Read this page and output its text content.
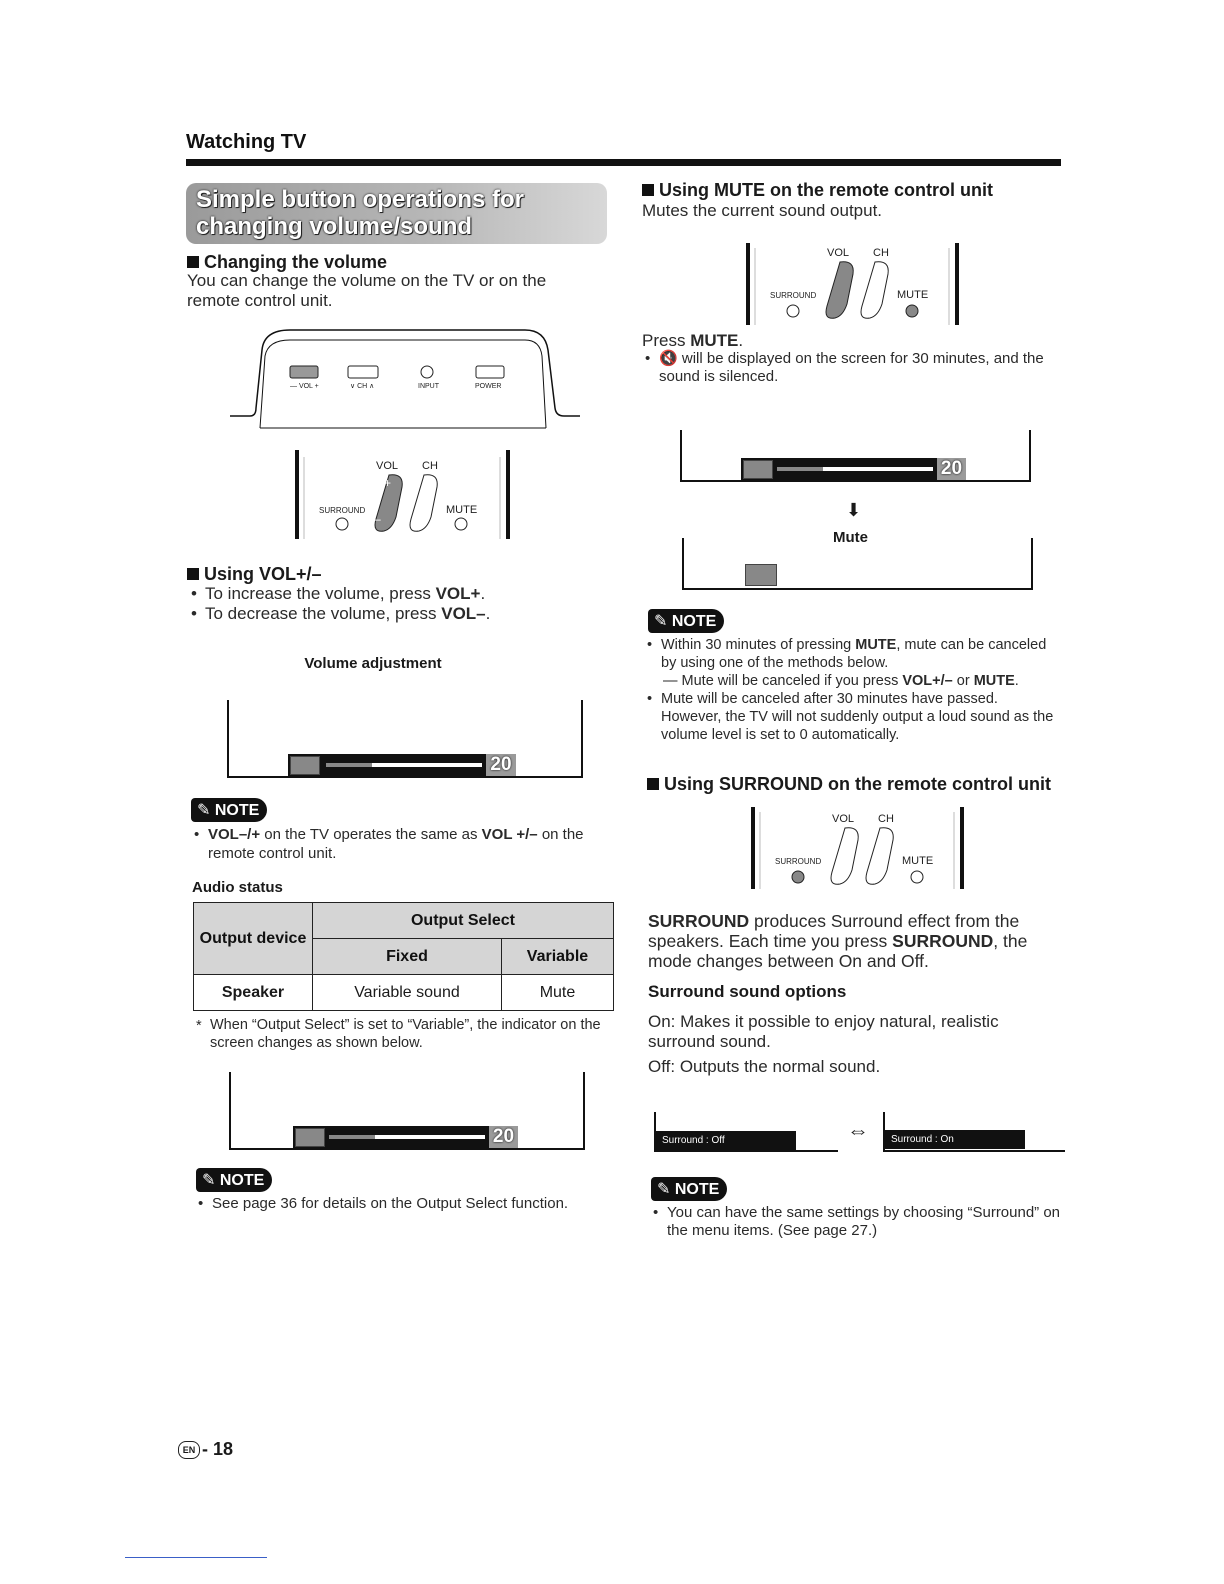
Watching TV
Simple button operations for
changing volume/sound
Changing the volume
You can change the volume on the TV or on the remote control unit.
— VOL +	∨ CH ∧	INPUT	POWER
VOL CH
SURROUND	MUTE
+
–
Using VOL+/–
• To increase the volume, press VOL+.
• To decrease the volume, press VOL–.
Volume adjustment
20
✎ NOTE
• VOL–/+ on the TV operates the same as VOL +/– on the remote control unit.
Audio status
Output device	Output Select	
	Fixed	Variable
Speaker	Variable sound	Mute
* When “Output Select” is set to “Variable”, the indicator on the screen changes as shown below.
20
✎ NOTE
• See page 36 for details on the Output Select function.
Using MUTE on the remote control unit
Mutes the current sound output.
VOL CH
SURROUND	MUTE
Press MUTE.
• 🔇 will be displayed on the screen for 30 minutes, and the sound is silenced.
20
⬇
Mute
✎ NOTE
• Within 30 minutes of pressing MUTE, mute can be canceled by using one of the methods below.
— Mute will be canceled if you press VOL+/– or MUTE.
• Mute will be canceled after 30 minutes have passed. However, the TV will not suddenly output a loud sound as the volume level is set to 0 automatically.
Using SURROUND on the remote control unit
VOL CH
SURROUND	MUTE
SURROUND produces Surround effect from the speakers. Each time you press SURROUND, the mode changes between On and Off.
Surround sound options
On: Makes it possible to enjoy natural, realistic surround sound.
Off: Outputs the normal sound.
Surround : Off	⇔	Surround : On
✎ NOTE
• You can have the same settings by choosing “Surround” on the menu items. (See page 27.)
EN - 18
